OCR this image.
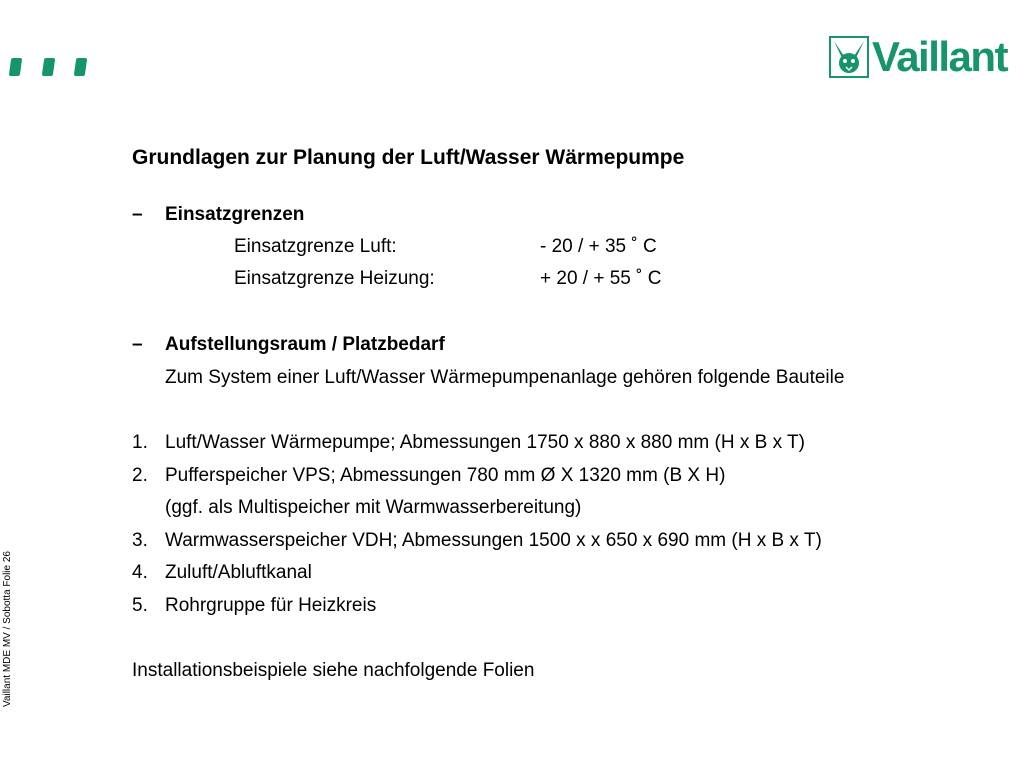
Vaillant
Grundlagen zur Planung der Luft/Wasser Wärmepumpe
– Einsatzgrenzen
Einsatzgrenze Luft:	- 20 / + 35 ˚ C
Einsatzgrenze Heizung:	+ 20 / + 55 ˚ C
– Aufstellungsraum / Platzbedarf
Zum System einer Luft/Wasser Wärmepumpenanlage gehören folgende Bauteile
1. Luft/Wasser Wärmepumpe; Abmessungen 1750 x 880 x 880 mm (H x B x T)
2. Pufferspeicher VPS; Abmessungen 780 mm Ø X 1320 mm (B X H)
(ggf. als Multispeicher mit Warmwasserbereitung)
3. Warmwasserspeicher VDH; Abmessungen 1500 x x 650 x 690 mm (H x B x T)
4. Zuluft/Abluftkanal
5. Rohrgruppe für Heizkreis
Installationsbeispiele siehe nachfolgende Folien
Vaillant MDE MV / Sobotta Folie 26
